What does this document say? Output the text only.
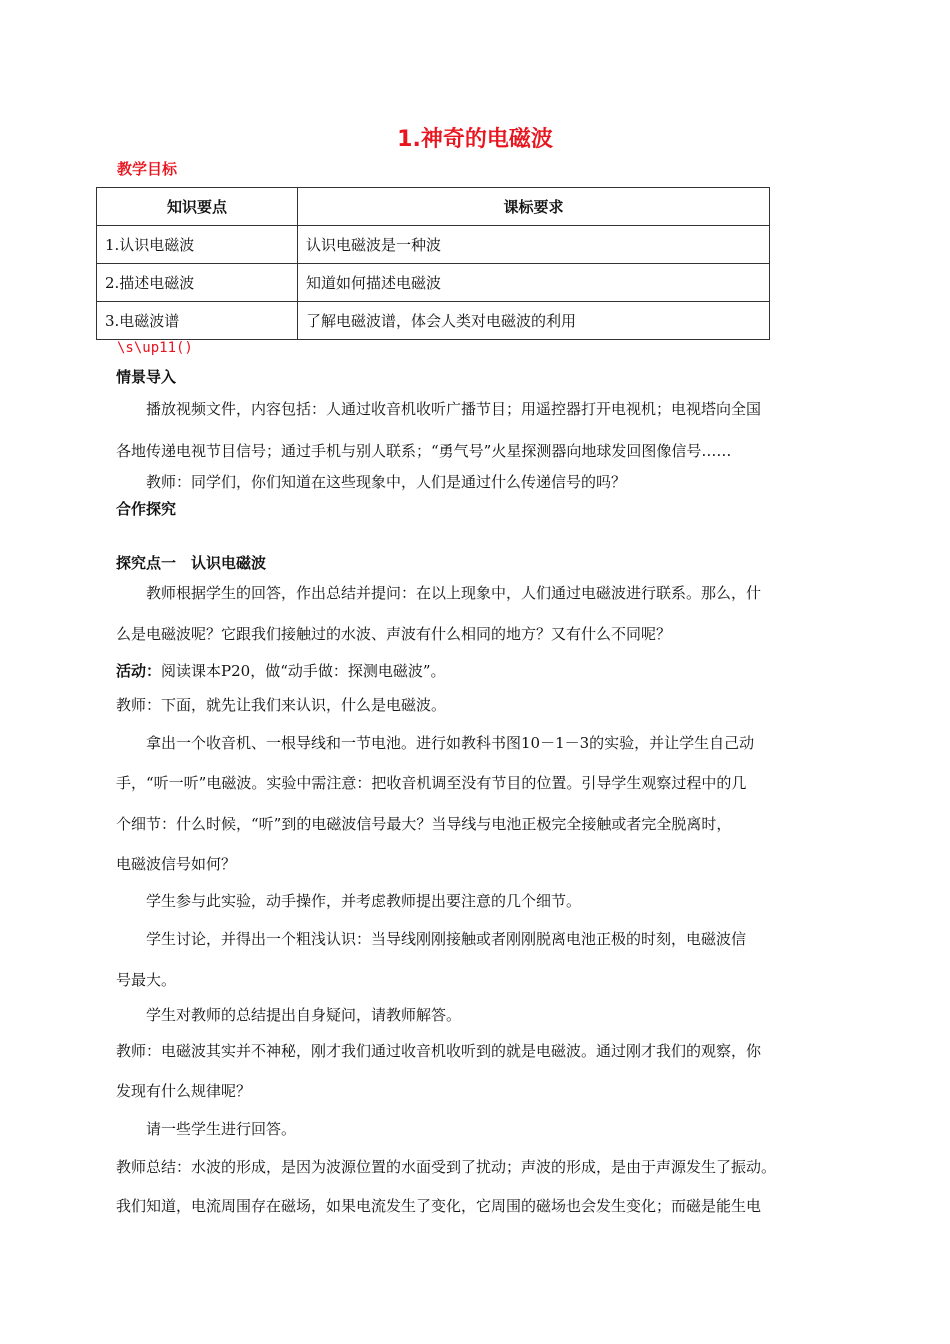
1.神奇的电磁波
教学目标
知识要点	课标要求
1.认识电磁波	认识电磁波是一种波
2.描述电磁波	知道如何描述电磁波
3.电磁波谱	了解电磁波谱，体会人类对电磁波的利用
\s\up11()
情景导入
　　播放视频文件，内容包括：人通过收音机收听广播节目；用遥控器打开电视机；电视塔向全国
各地传递电视节目信号；通过手机与别人联系；“勇气号”火星探测器向地球发回图像信号……
　　教师：同学们，你们知道在这些现象中，人们是通过什么传递信号的吗？
合作探究
探究点一　认识电磁波
　　教师根据学生的回答，作出总结并提问：在以上现象中，人们通过电磁波进行联系。那么，什
么是电磁波呢？它跟我们接触过的水波、声波有什么相同的地方？又有什么不同呢？
活动：阅读课本P20，做“动手做：探测电磁波”。
教师：下面，就先让我们来认识，什么是电磁波。
　　拿出一个收音机、一根导线和一节电池。进行如教科书图10－1－3的实验，并让学生自己动
手，“听一听”电磁波。实验中需注意：把收音机调至没有节目的位置。引导学生观察过程中的几
个细节：什么时候，“听”到的电磁波信号最大？当导线与电池正极完全接触或者完全脱离时，
电磁波信号如何？
　　学生参与此实验，动手操作，并考虑教师提出要注意的几个细节。
　　学生讨论，并得出一个粗浅认识：当导线刚刚接触或者刚刚脱离电池正极的时刻，电磁波信
号最大。
　　学生对教师的总结提出自身疑问，请教师解答。
教师：电磁波其实并不神秘，刚才我们通过收音机收听到的就是电磁波。通过刚才我们的观察，你
发现有什么规律呢？
　　请一些学生进行回答。
教师总结：水波的形成，是因为波源位置的水面受到了扰动；声波的形成，是由于声源发生了振动。
我们知道，电流周围存在磁场，如果电流发生了变化，它周围的磁场也会发生变化；而磁是能生电
